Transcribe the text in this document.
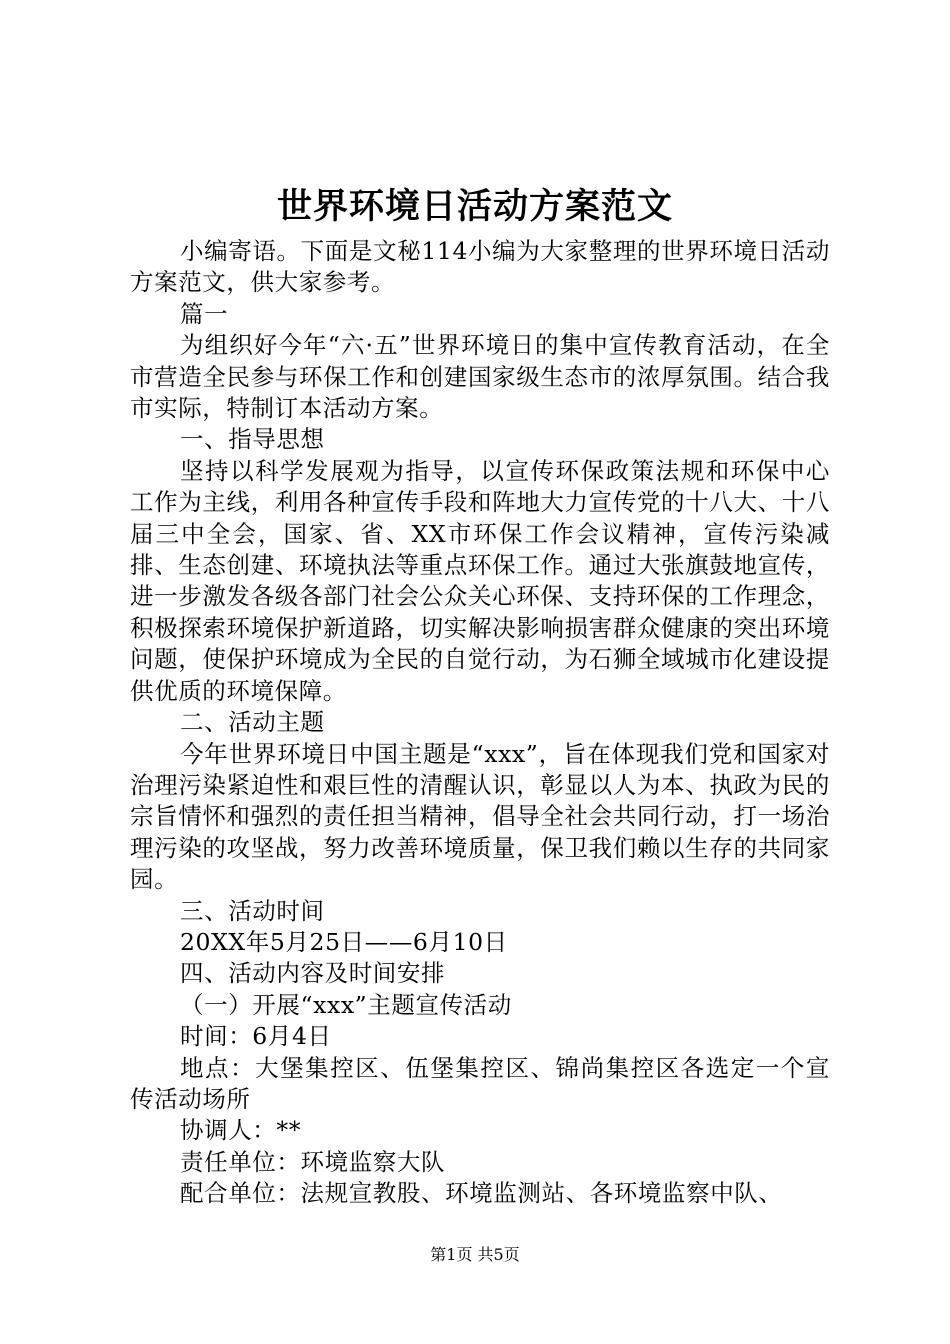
世界环境日活动方案范文

小编寄语。下面是文秘114小编为大家整理的世界环境日活动方案范文，供大家参考。

篇一

为组织好今年“六·五”世界环境日的集中宣传教育活动，在全市营造全民参与环保工作和创建国家级生态市的浓厚氛围。结合我市实际，特制订本活动方案。

一、指导思想

坚持以科学发展观为指导，以宣传环保政策法规和环保中心工作为主线，利用各种宣传手段和阵地大力宣传党的十八大、十八届三中全会，国家、省、XX市环保工作会议精神，宣传污染减排、生态创建、环境执法等重点环保工作。通过大张旗鼓地宣传，进一步激发各级各部门社会公众关心环保、支持环保的工作理念，积极探索环境保护新道路，切实解决影响损害群众健康的突出环境问题，使保护环境成为全民的自觉行动，为石狮全域城市化建设提供优质的环境保障。

二、活动主题

今年世界环境日中国主题是“xxx”，旨在体现我们党和国家对治理污染紧迫性和艰巨性的清醒认识，彰显以人为本、执政为民的宗旨情怀和强烈的责任担当精神，倡导全社会共同行动，打一场治理污染的攻坚战，努力改善环境质量，保卫我们赖以生存的共同家园。

三、活动时间

20XX年5月25日——6月10日

四、活动内容及时间安排

（一）开展“xxx”主题宣传活动

时间：6月4日

地点：大堡集控区、伍堡集控区、锦尚集控区各选定一个宣传活动场所

协调人：**

责任单位：环境监察大队

配合单位：法规宣教股、环境监测站、各环境监察中队、

第1页 共5页
